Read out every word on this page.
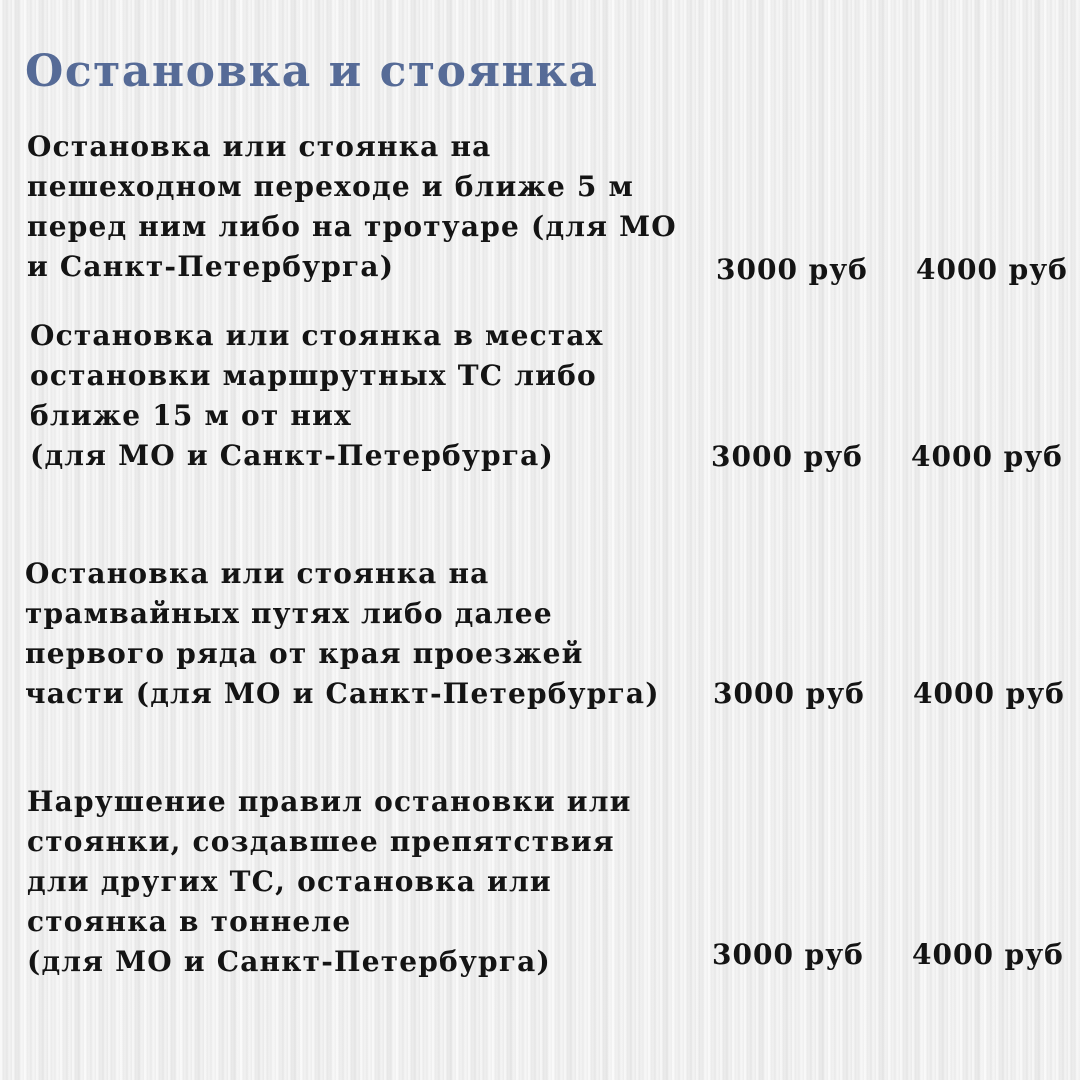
Остановка и стоянка
Остановка или стоянка на
пешеходном переходе и ближе 5 м
перед ним либо на тротуаре (для МО
и Санкт-Петербурга)	3000 руб 4000 руб
Остановка или стоянка в местах
остановки маршрутных ТС либо
ближе 15 м от них
(для МО и Санкт-Петербурга)	3000 руб 4000 руб
Остановка или стоянка на
трамвайных путях либо далее
первого ряда от края проезжей
части (для МО и Санкт-Петербурга) 3000 руб 4000 руб
Нарушение правил остановки или
стоянки, создавшее препятствия
дли других ТС, остановка или
стоянка в тоннеле
(для МО и Санкт-Петербурга)	3000 руб 4000 руб
